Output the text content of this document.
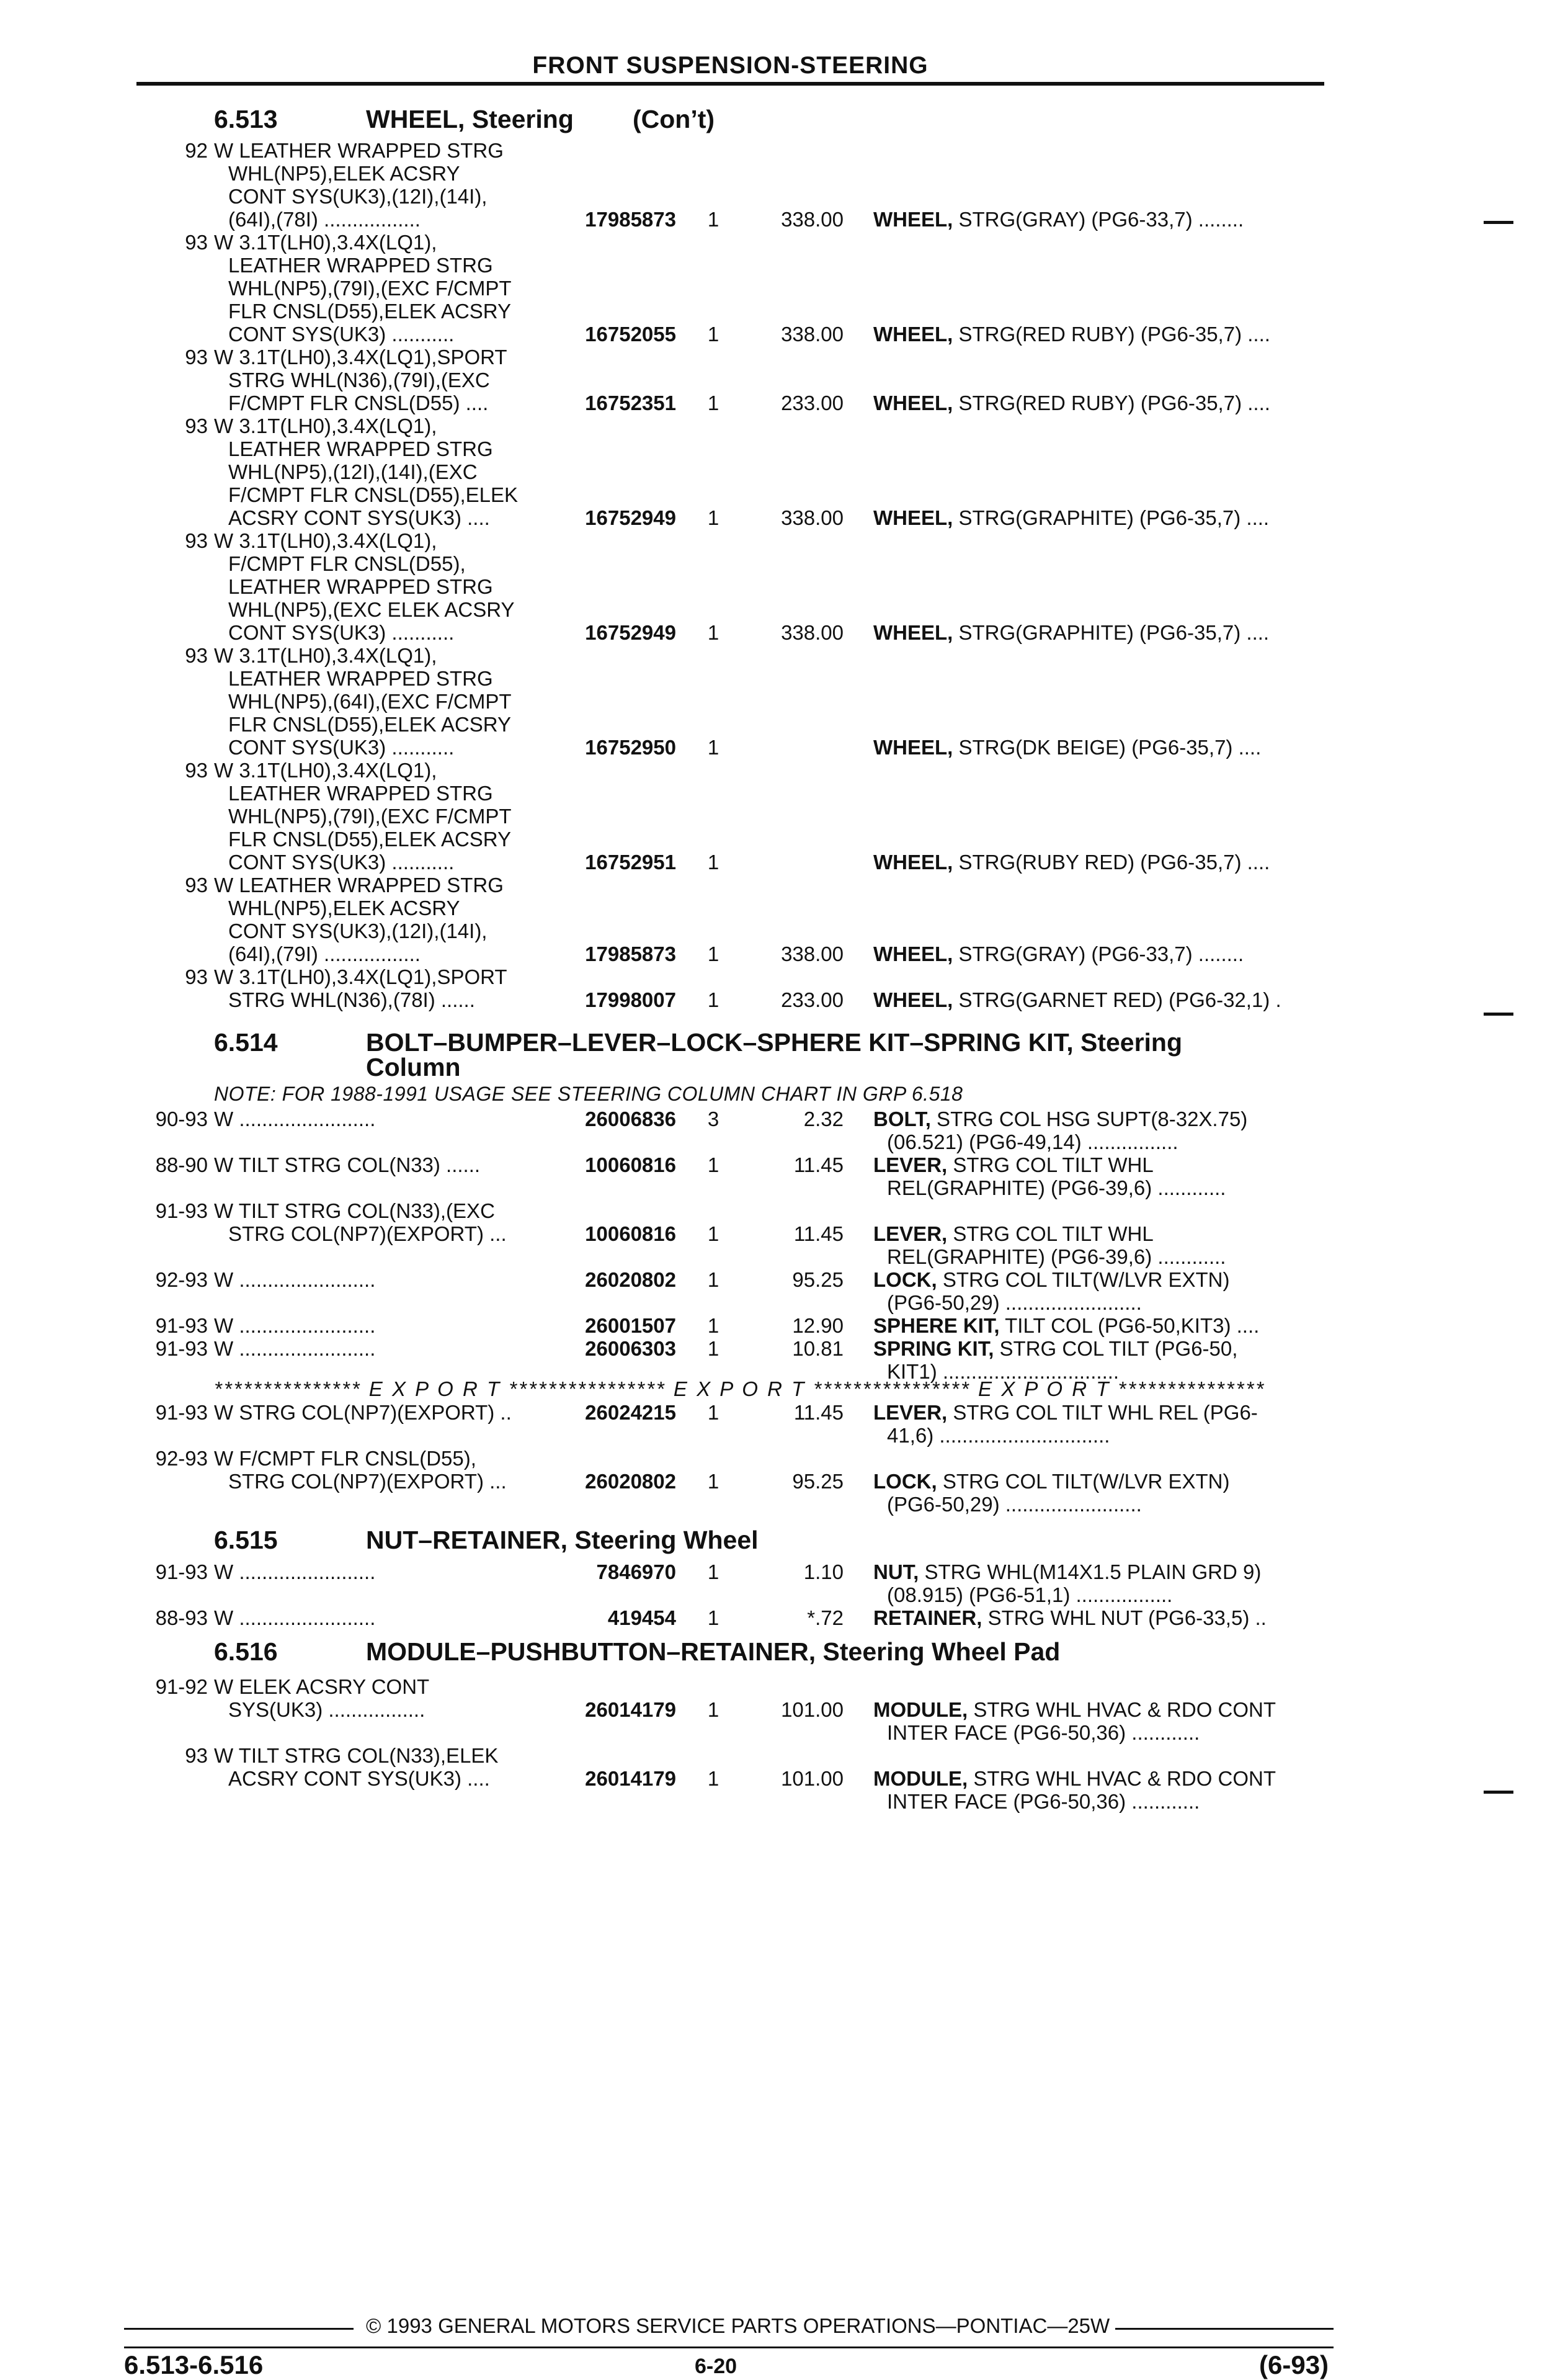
FRONT SUSPENSION-STEERING
6.513	WHEEL, Steering (Con’t)
92 W LEATHER WRAPPED STRG
WHL(NP5),ELEK ACSRY
CONT SYS(UK3),(12I),(14I),
(64I),(78I) .................	17985873	1	338.00 WHEEL, STRG(GRAY) (PG6-33,7) ........
93 W 3.1T(LH0),3.4X(LQ1),
LEATHER WRAPPED STRG
WHL(NP5),(79I),(EXC F/CMPT
FLR CNSL(D55),ELEK ACSRY
CONT SYS(UK3) ...........	16752055	1	338.00 WHEEL, STRG(RED RUBY) (PG6-35,7) ....
93 W 3.1T(LH0),3.4X(LQ1),SPORT
STRG WHL(N36),(79I),(EXC
F/CMPT FLR CNSL(D55) ....	16752351	1	233.00 WHEEL, STRG(RED RUBY) (PG6-35,7) ....
93 W 3.1T(LH0),3.4X(LQ1),
LEATHER WRAPPED STRG
WHL(NP5),(12I),(14I),(EXC
F/CMPT FLR CNSL(D55),ELEK
ACSRY CONT SYS(UK3) ....	16752949	1	338.00 WHEEL, STRG(GRAPHITE) (PG6-35,7) ....
93 W 3.1T(LH0),3.4X(LQ1),
F/CMPT FLR CNSL(D55),
LEATHER WRAPPED STRG
WHL(NP5),(EXC ELEK ACSRY
CONT SYS(UK3) ...........	16752949	1	338.00 WHEEL, STRG(GRAPHITE) (PG6-35,7) ....
93 W 3.1T(LH0),3.4X(LQ1),
LEATHER WRAPPED STRG
WHL(NP5),(64I),(EXC F/CMPT
FLR CNSL(D55),ELEK ACSRY
CONT SYS(UK3) ...........	16752950	1	WHEEL, STRG(DK BEIGE) (PG6-35,7) ....
93 W 3.1T(LH0),3.4X(LQ1),
LEATHER WRAPPED STRG
WHL(NP5),(79I),(EXC F/CMPT
FLR CNSL(D55),ELEK ACSRY
CONT SYS(UK3) ...........	16752951	1	WHEEL, STRG(RUBY RED) (PG6-35,7) ....
93 W LEATHER WRAPPED STRG
WHL(NP5),ELEK ACSRY
CONT SYS(UK3),(12I),(14I),
(64I),(79I) .................	17985873	1	338.00 WHEEL, STRG(GRAY) (PG6-33,7) ........
93 W 3.1T(LH0),3.4X(LQ1),SPORT
STRG WHL(N36),(78I) ......	17998007	1	233.00 WHEEL, STRG(GARNET RED) (PG6-32,1) .
6.514	BOLT–BUMPER–LEVER–LOCK–SPHERE KIT–SPRING KIT, Steering
Column
NOTE: FOR 1988-1991 USAGE SEE STEERING COLUMN CHART IN GRP 6.518
90-93 W ........................	26006836	3	2.32 BOLT, STRG COL HSG SUPT(8-32X.75)
(06.521) (PG6-49,14) ................
88-90 W TILT STRG COL(N33) ......	10060816	1	11.45 LEVER, STRG COL TILT WHL
REL(GRAPHITE) (PG6-39,6) ............
91-93 W TILT STRG COL(N33),(EXC
STRG COL(NP7)(EXPORT) ...	10060816	1	11.45 LEVER, STRG COL TILT WHL
REL(GRAPHITE) (PG6-39,6) ............
92-93 W ........................	26020802	1	95.25 LOCK, STRG COL TILT(W/LVR EXTN)
(PG6-50,29) ........................
91-93 W ........................	26001507	1	12.90 SPHERE KIT, TILT COL (PG6-50,KIT3) ....
91-93 W ........................	26006303	1	10.81 SPRING KIT, STRG COL TILT (PG6-50,
KIT1) ...............................
*************** E X P O R T **************** E X P O R T **************** E X P O R T ***************
91-93 W STRG COL(NP7)(EXPORT) ..	26024215	1	11.45 LEVER, STRG COL TILT WHL REL (PG6-
41,6) ..............................
92-93 W F/CMPT FLR CNSL(D55),
STRG COL(NP7)(EXPORT) ...	26020802	1	95.25 LOCK, STRG COL TILT(W/LVR EXTN)
(PG6-50,29) ........................
6.515	NUT–RETAINER, Steering Wheel
91-93 W ........................	7846970	1	1.10 NUT, STRG WHL(M14X1.5 PLAIN GRD 9)
(08.915) (PG6-51,1) .................
88-93 W ........................	419454	1	*.72 RETAINER, STRG WHL NUT (PG6-33,5) ..
6.516	MODULE–PUSHBUTTON–RETAINER, Steering Wheel Pad
91-92 W ELEK ACSRY CONT
SYS(UK3) .................	26014179	1	101.00 MODULE, STRG WHL HVAC & RDO CONT
INTER FACE (PG6-50,36) ............
93 W TILT STRG COL(N33),ELEK
ACSRY CONT SYS(UK3) ....	26014179	1	101.00 MODULE, STRG WHL HVAC & RDO CONT
INTER FACE (PG6-50,36) ............
© 1993 GENERAL MOTORS SERVICE PARTS OPERATIONS—PONTIAC—25W
6.513-6.516	6-20	(6-93)
